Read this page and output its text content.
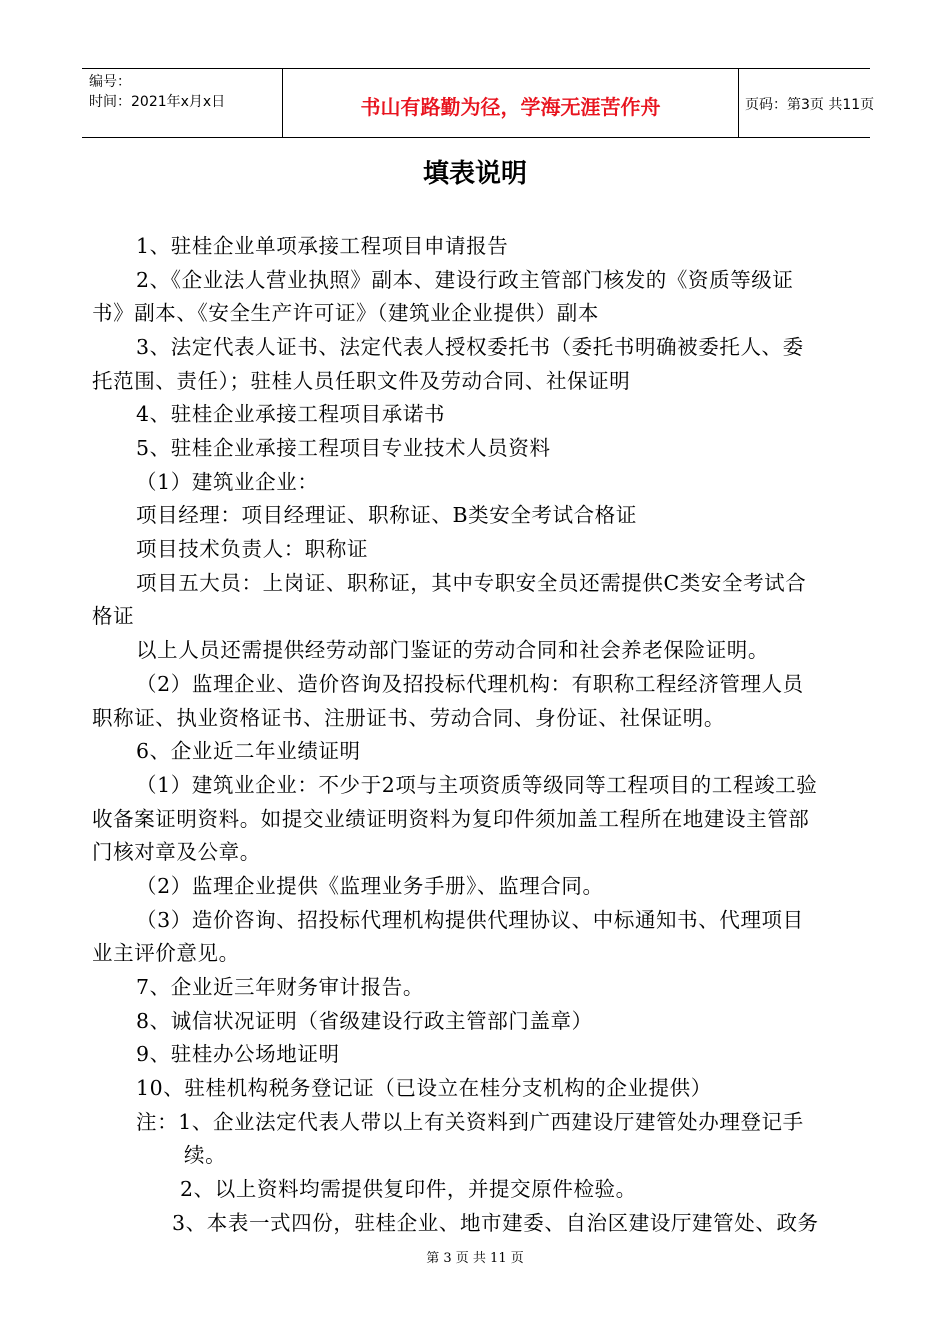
编号：
时间：2021年x月x日	书山有路勤为径，学海无涯苦作舟	页码：第3页 共11页
填表说明
1、驻桂企业单项承接工程项目申请报告
2、《企业法人营业执照》副本、建设行政主管部门核发的《资质等级证
书》副本、《安全生产许可证》（建筑业企业提供）副本
3、法定代表人证书、法定代表人授权委托书（委托书明确被委托人、委
托范围、责任）；驻桂人员任职文件及劳动合同、社保证明
4、驻桂企业承接工程项目承诺书
5、驻桂企业承接工程项目专业技术人员资料
（1）建筑业企业：
项目经理：项目经理证、职称证、B类安全考试合格证
项目技术负责人：职称证
项目五大员：上岗证、职称证，其中专职安全员还需提供C类安全考试合
格证
以上人员还需提供经劳动部门鉴证的劳动合同和社会养老保险证明。
（2）监理企业、造价咨询及招投标代理机构：有职称工程经济管理人员
职称证、执业资格证书、注册证书、劳动合同、身份证、社保证明。
6、企业近二年业绩证明
（1）建筑业企业：不少于2项与主项资质等级同等工程项目的工程竣工验
收备案证明资料。如提交业绩证明资料为复印件须加盖工程所在地建设主管部
门核对章及公章。
（2）监理企业提供《监理业务手册》、监理合同。
（3）造价咨询、招投标代理机构提供代理协议、中标通知书、代理项目
业主评价意见。
7、企业近三年财务审计报告。
8、诚信状况证明（省级建设行政主管部门盖章）
9、驻桂办公场地证明
10、驻桂机构税务登记证（已设立在桂分支机构的企业提供）
注：1、企业法定代表人带以上有关资料到广西建设厅建管处办理登记手
续。
2、以上资料均需提供复印件，并提交原件检验。
3、本表一式四份，驻桂企业、地市建委、自治区建设厅建管处、政务
第 3 页 共 11 页
